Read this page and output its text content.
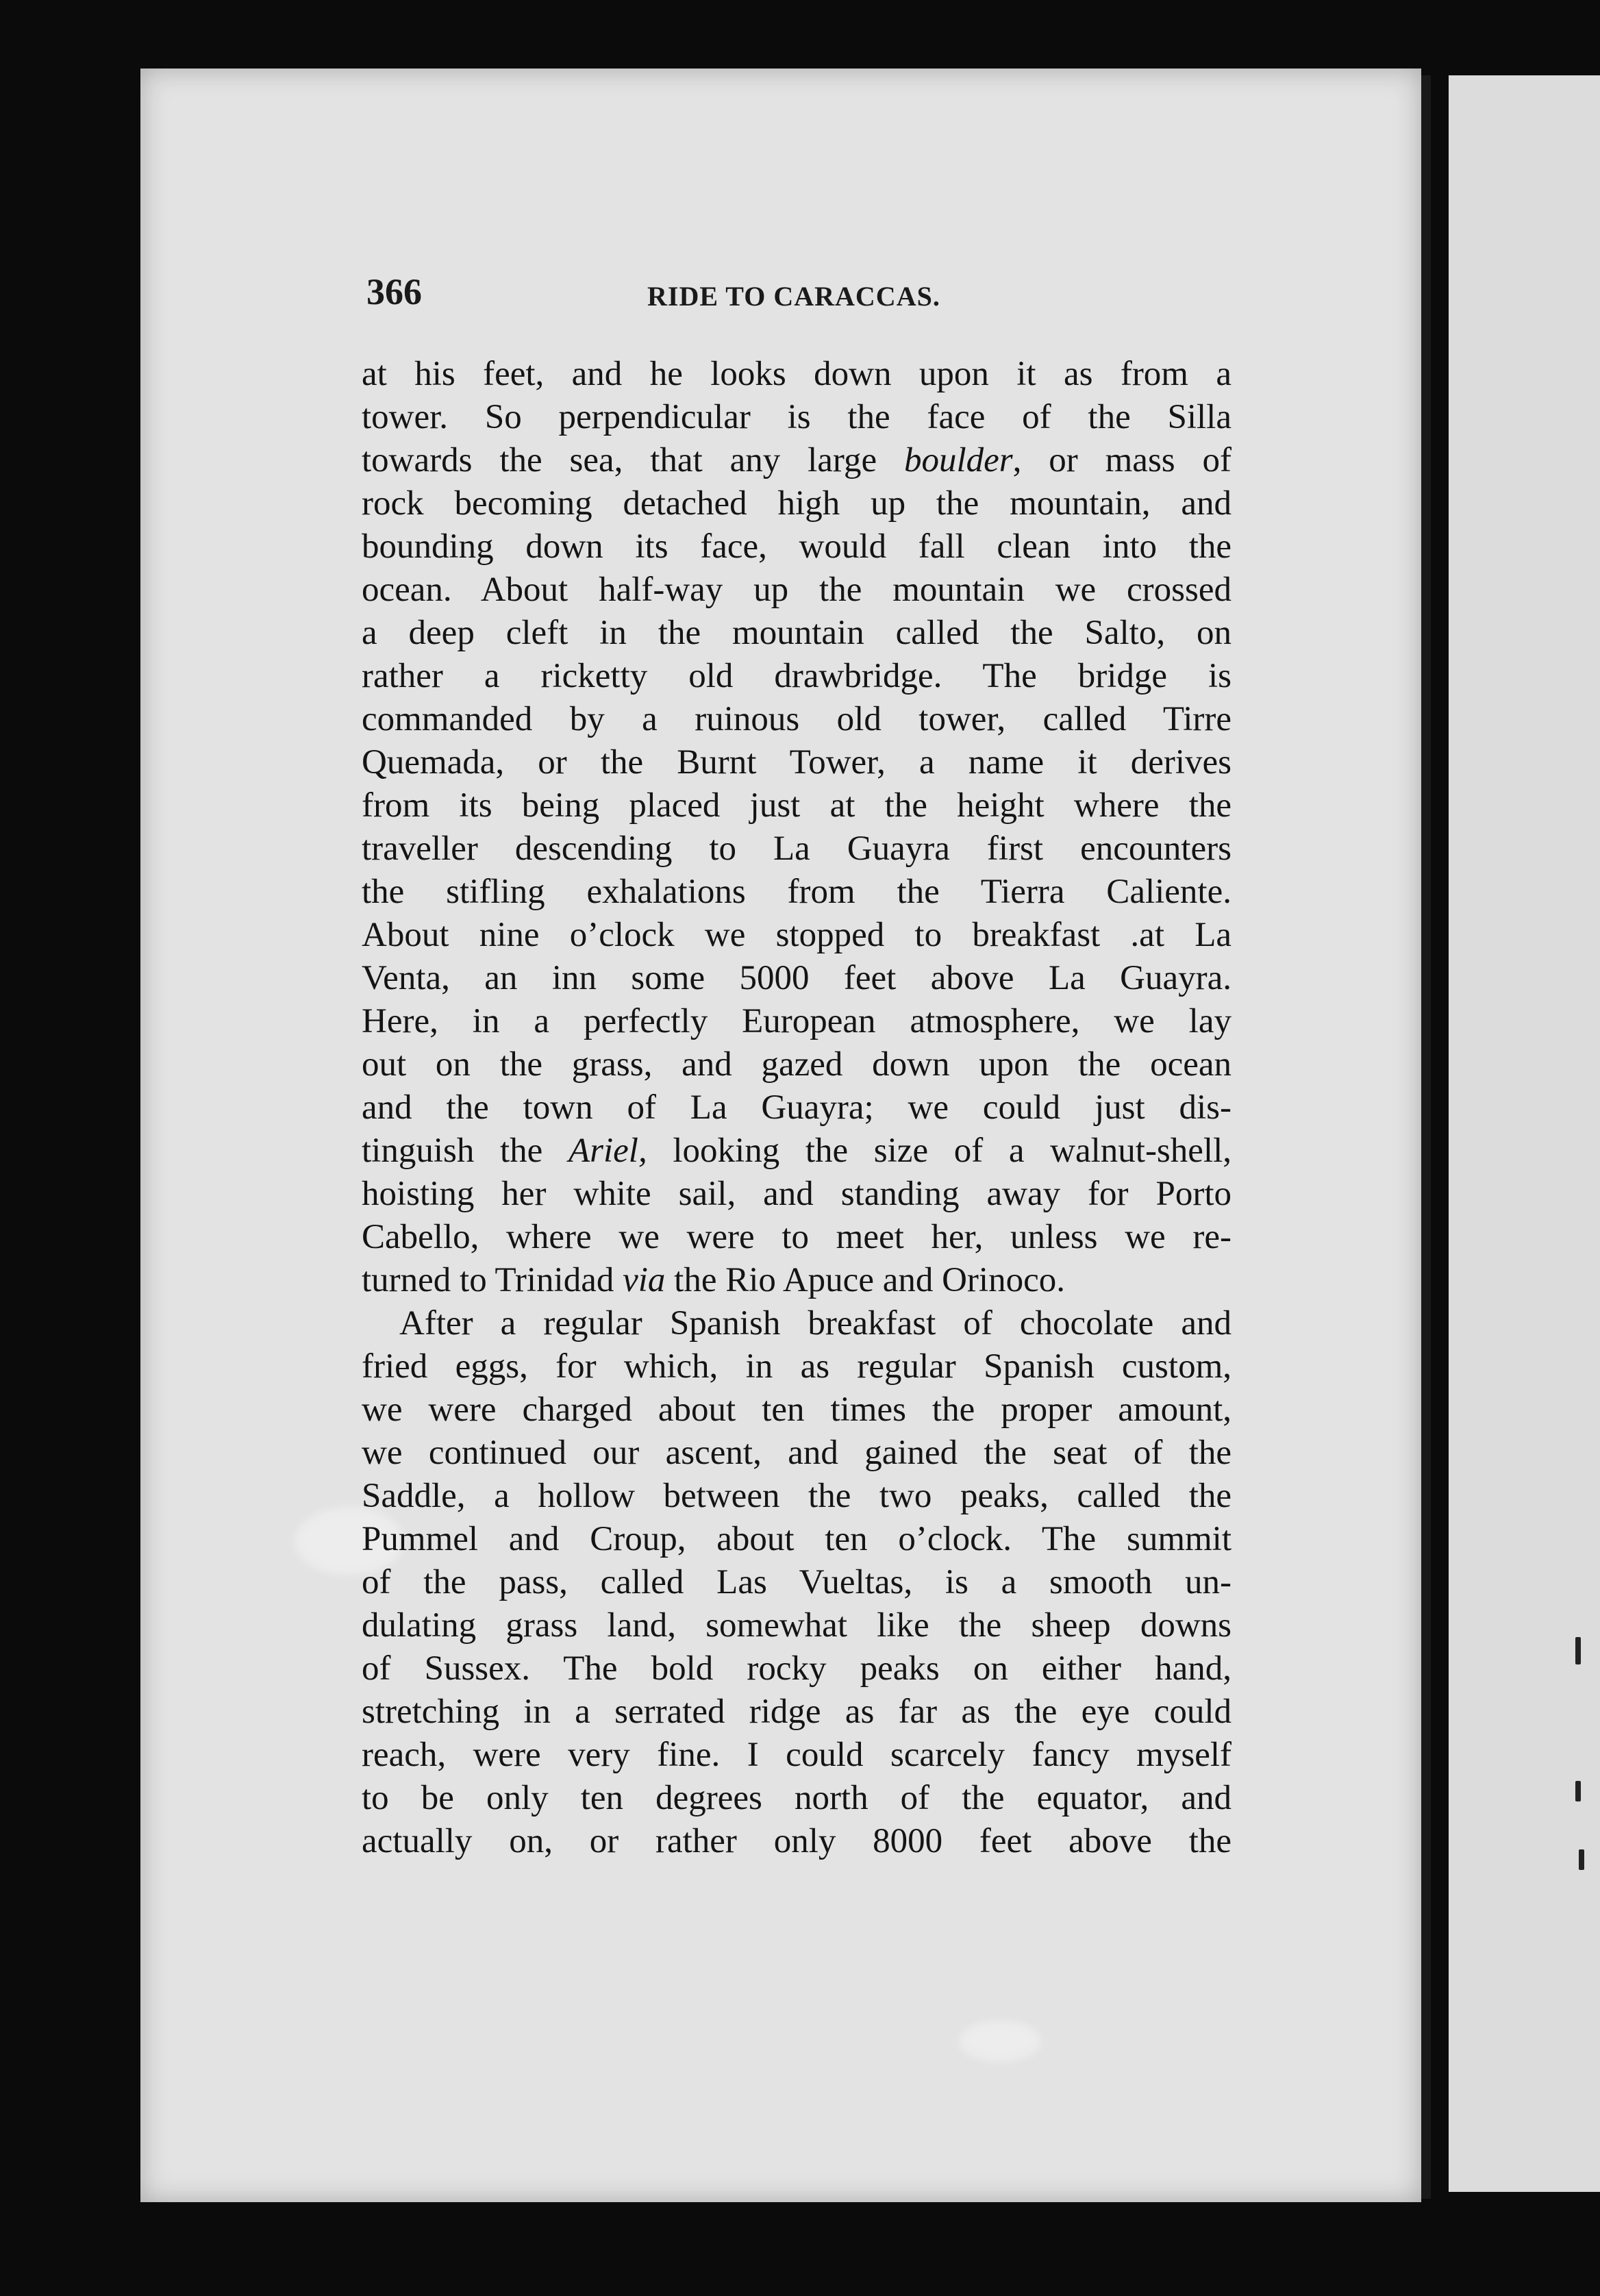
366	RIDE TO CARACCAS.
at his feet, and he looks down upon it as from a
tower. So perpendicular is the face of the Silla
towards the sea, that any large boulder, or mass of
rock becoming detached high up the mountain, and
bounding down its face, would fall clean into the
ocean. About half-way up the mountain we crossed
a deep cleft in the mountain called the Salto, on
rather a ricketty old drawbridge. The bridge is
commanded by a ruinous old tower, called Tirre
Quemada, or the Burnt Tower, a name it derives
from its being placed just at the height where the
traveller descending to La Guayra first encounters
the stifling exhalations from the Tierra Caliente.
About nine o’clock we stopped to breakfast .at La
Venta, an inn some 5000 feet above La Guayra.
Here, in a perfectly European atmosphere, we lay
out on the grass, and gazed down upon the ocean
and the town of La Guayra; we could just dis-
tinguish the Ariel, looking the size of a walnut-shell,
hoisting her white sail, and standing away for Porto
Cabello, where we were to meet her, unless we re-
turned to Trinidad via the Rio Apuce and Orinoco.
After a regular Spanish breakfast of chocolate and
fried eggs, for which, in as regular Spanish custom,
we were charged about ten times the proper amount,
we continued our ascent, and gained the seat of the
Saddle, a hollow between the two peaks, called the
Pummel and Croup, about ten o’clock. The summit
of the pass, called Las Vueltas, is a smooth un-
dulating grass land, somewhat like the sheep downs
of Sussex. The bold rocky peaks on either hand,
stretching in a serrated ridge as far as the eye could
reach, were very fine. I could scarcely fancy myself
to be only ten degrees north of the equator, and
actually on, or rather only 8000 feet above the
